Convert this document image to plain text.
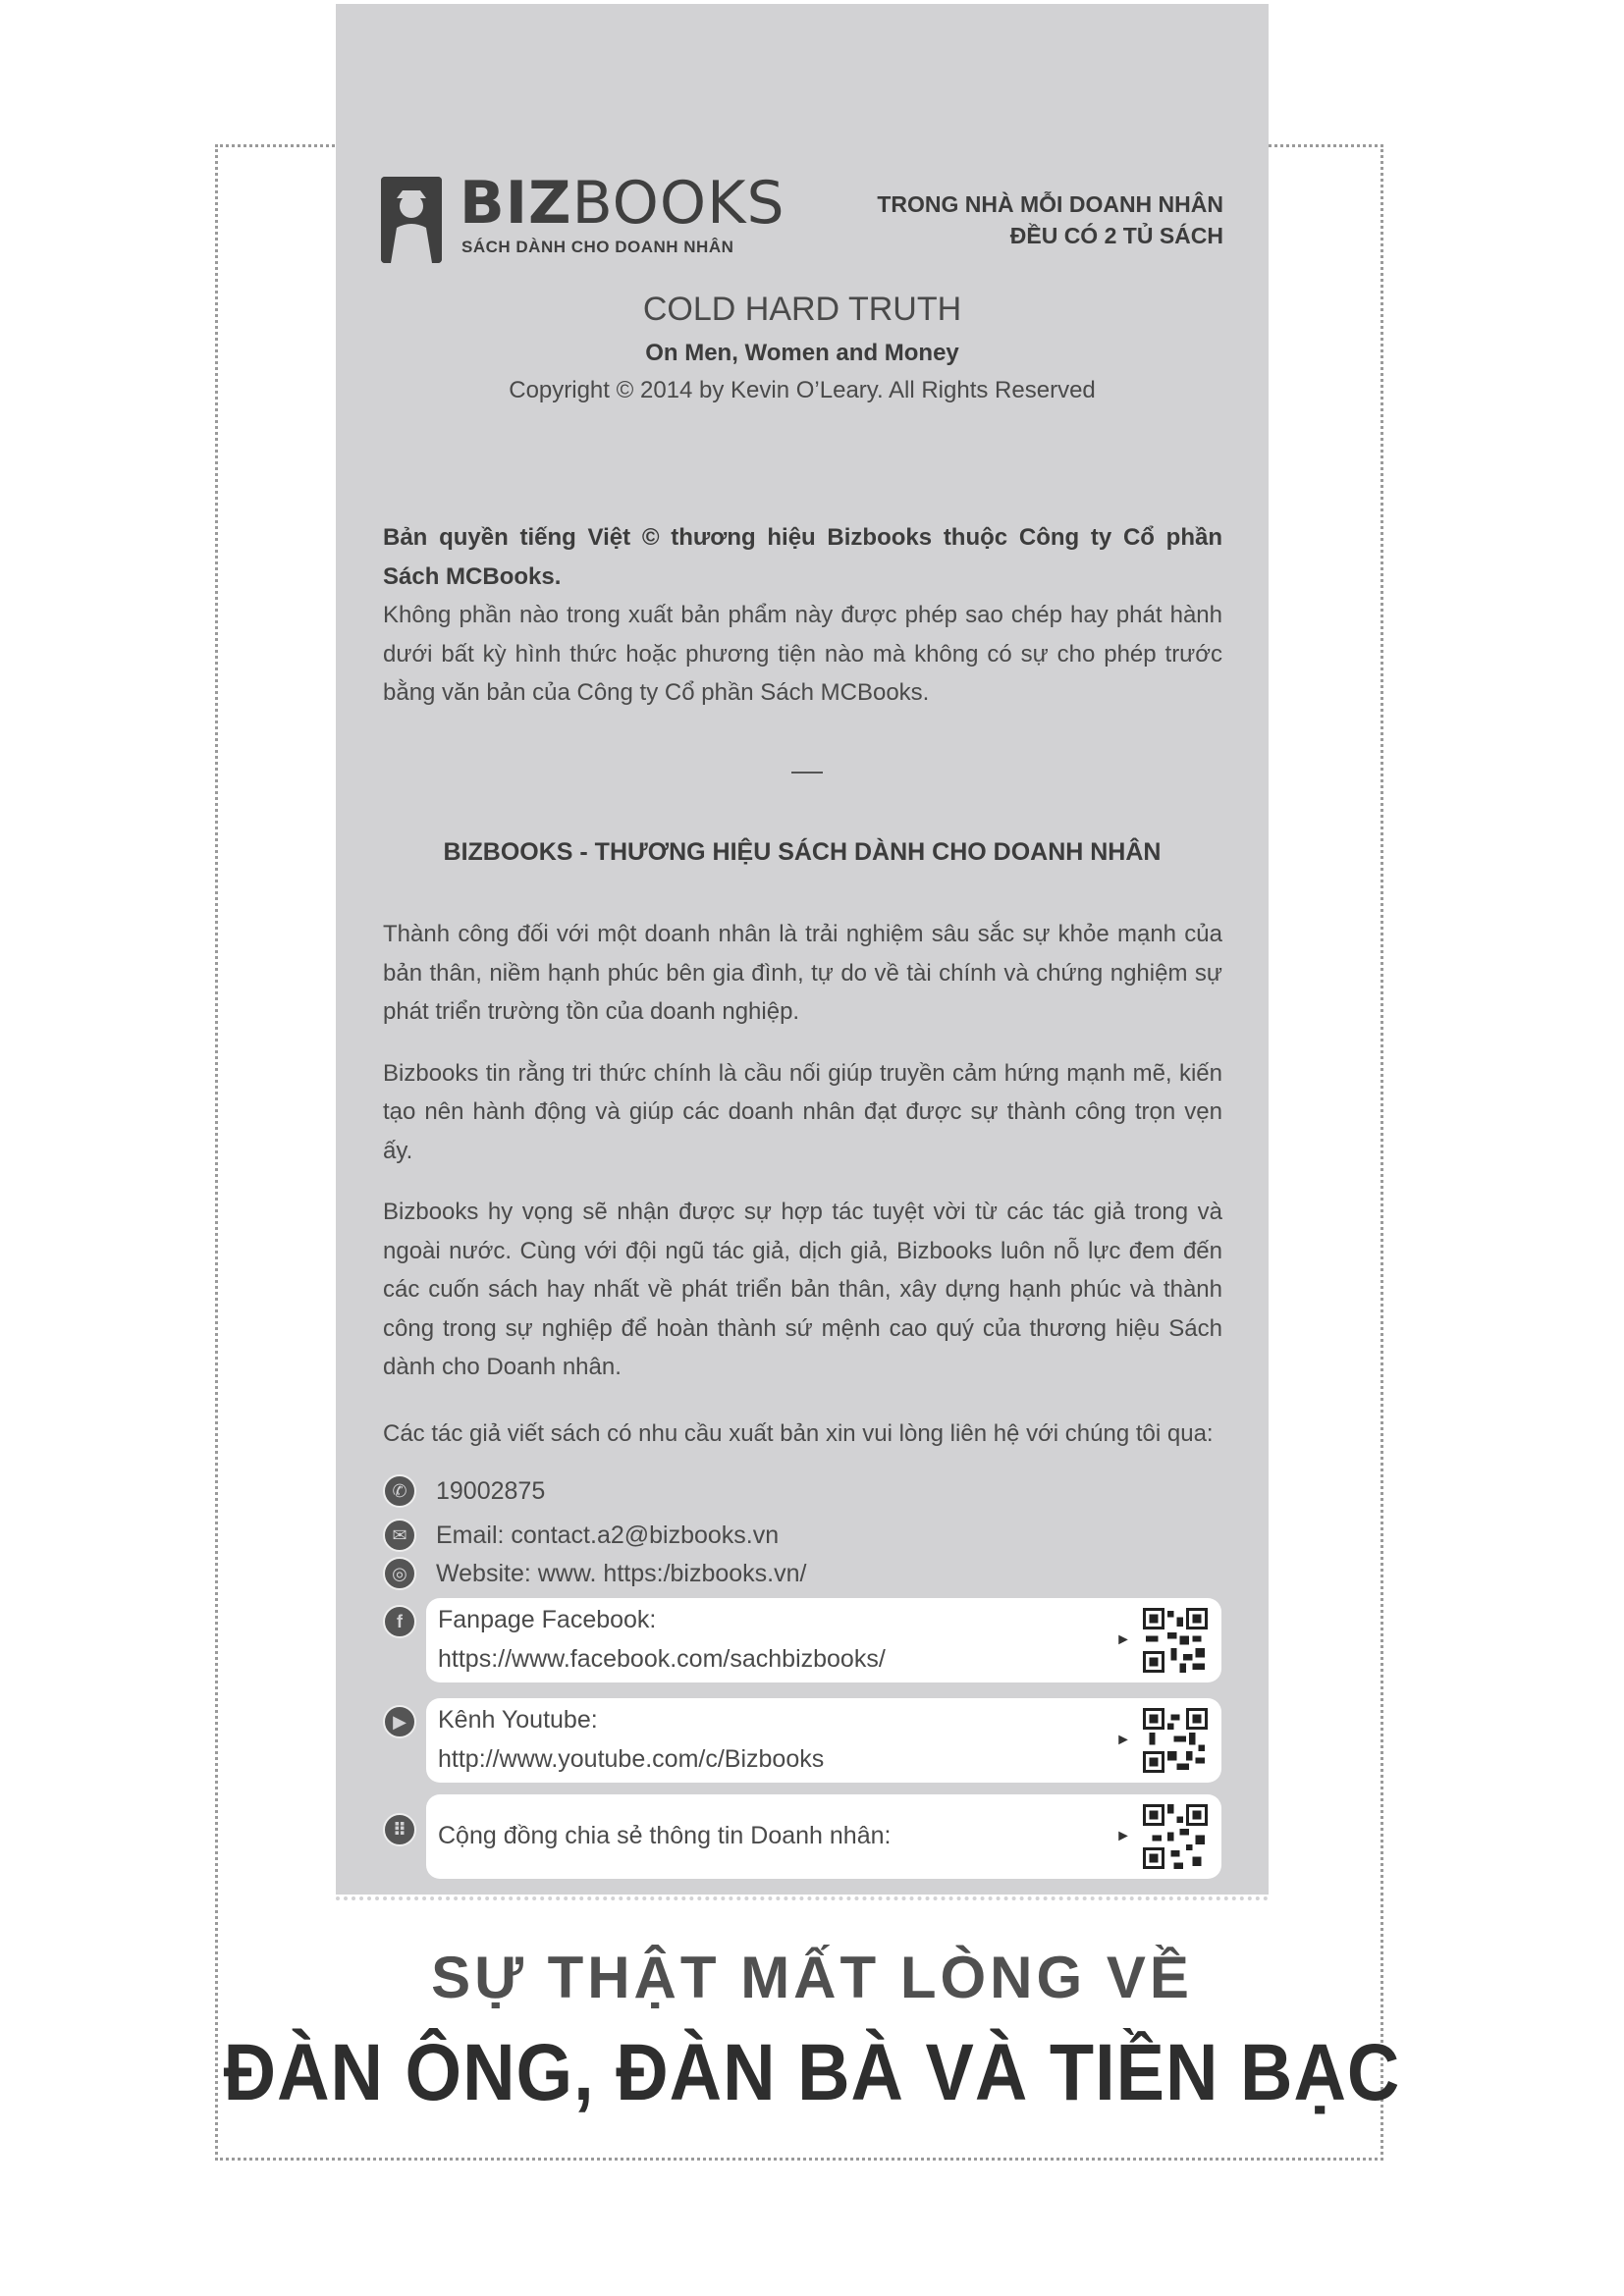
BIZBOOKS
SÁCH DÀNH CHO DOANH NHÂN
TRONG NHÀ MỖI DOANH NHÂN
ĐỀU CÓ 2 TỦ SÁCH
COLD HARD TRUTH
On Men, Women and Money
Copyright © 2014 by Kevin O’Leary. All Rights Reserved
Bản quyền tiếng Việt © thương hiệu Bizbooks thuộc Công ty Cổ phần Sách MCBooks.
Không phần nào trong xuất bản phẩm này được phép sao chép hay phát hành dưới bất kỳ hình thức hoặc phương tiện nào mà không có sự cho phép trước bằng văn bản của Công ty Cổ phần Sách MCBooks.
BIZBOOKS - THƯƠNG HIỆU SÁCH DÀNH CHO DOANH NHÂN

Thành công đối với một doanh nhân là trải nghiệm sâu sắc sự khỏe mạnh của bản thân, niềm hạnh phúc bên gia đình, tự do về tài chính và chứng nghiệm sự phát triển trường tồn của doanh nghiệp.

Bizbooks tin rằng tri thức chính là cầu nối giúp truyền cảm hứng mạnh mẽ, kiến tạo nên hành động và giúp các doanh nhân đạt được sự thành công trọn vẹn ấy.

Bizbooks hy vọng sẽ nhận được sự hợp tác tuyệt vời từ các tác giả trong và ngoài nước. Cùng với đội ngũ tác giả, dịch giả, Bizbooks luôn nỗ lực đem đến các cuốn sách hay nhất về phát triển bản thân, xây dựng hạnh phúc và thành công trong sự nghiệp để hoàn thành sứ mệnh cao quý của thương hiệu Sách dành cho Doanh nhân.

Các tác giả viết sách có nhu cầu xuất bản xin vui lòng liên hệ với chúng tôi qua:
✆	19002875
✉	Email: contact.a2@bizbooks.vn
◎	Website: www. https:/bizbooks.vn/
f	Fanpage Facebook:
https://www.facebook.com/sachbizbooks/
►
▶	Kênh Youtube:
http://www.youtube.com/c/Bizbooks
►
⠿	Cộng đồng chia sẻ thông tin Doanh nhân:	►
SỰ THẬT MẤT LÒNG VỀ
ĐÀN ÔNG, ĐÀN BÀ VÀ TIỀN BẠC
